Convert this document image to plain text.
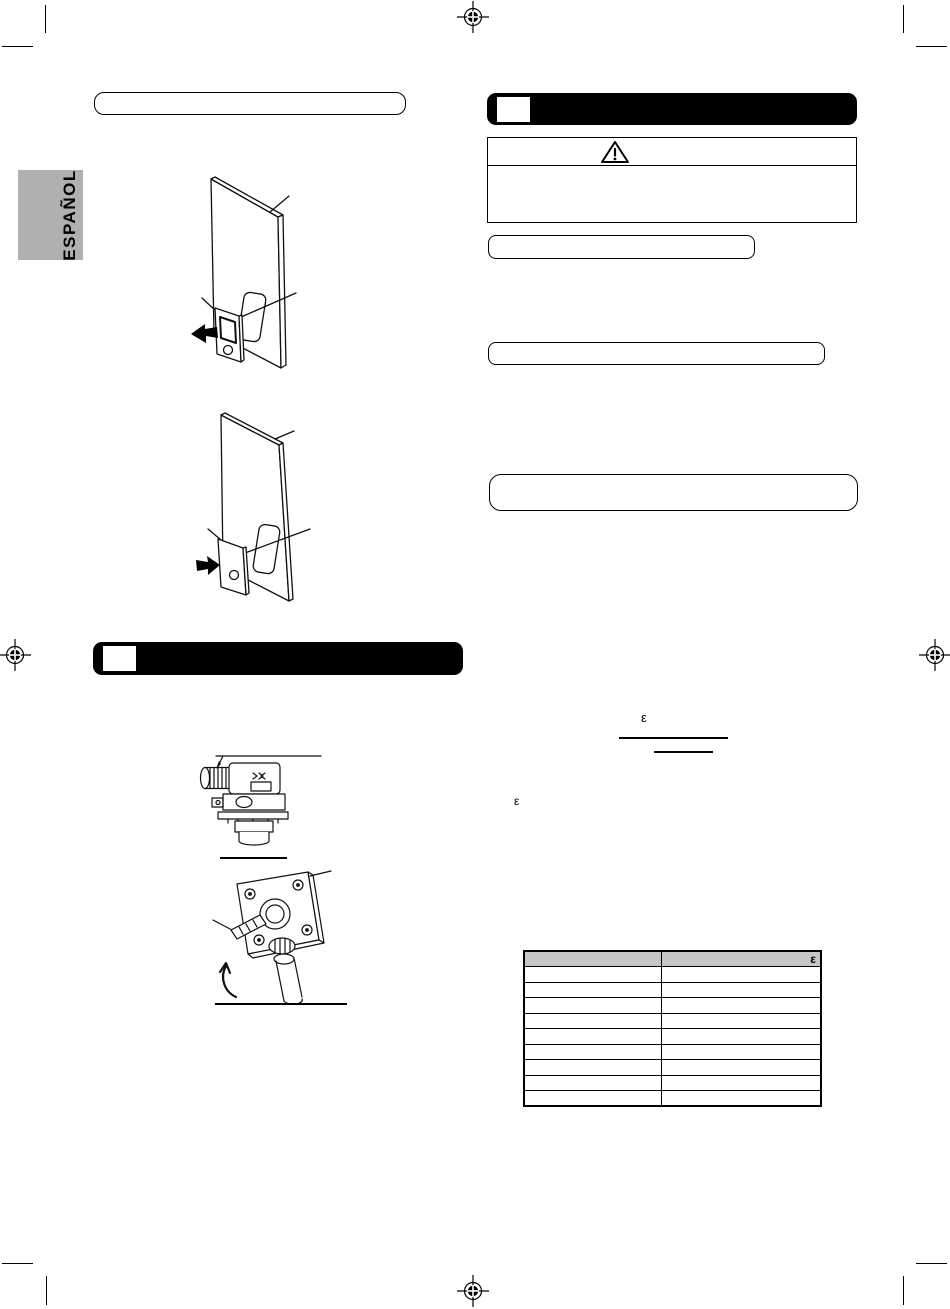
ESPAÑOL
ε
ε
	ε
